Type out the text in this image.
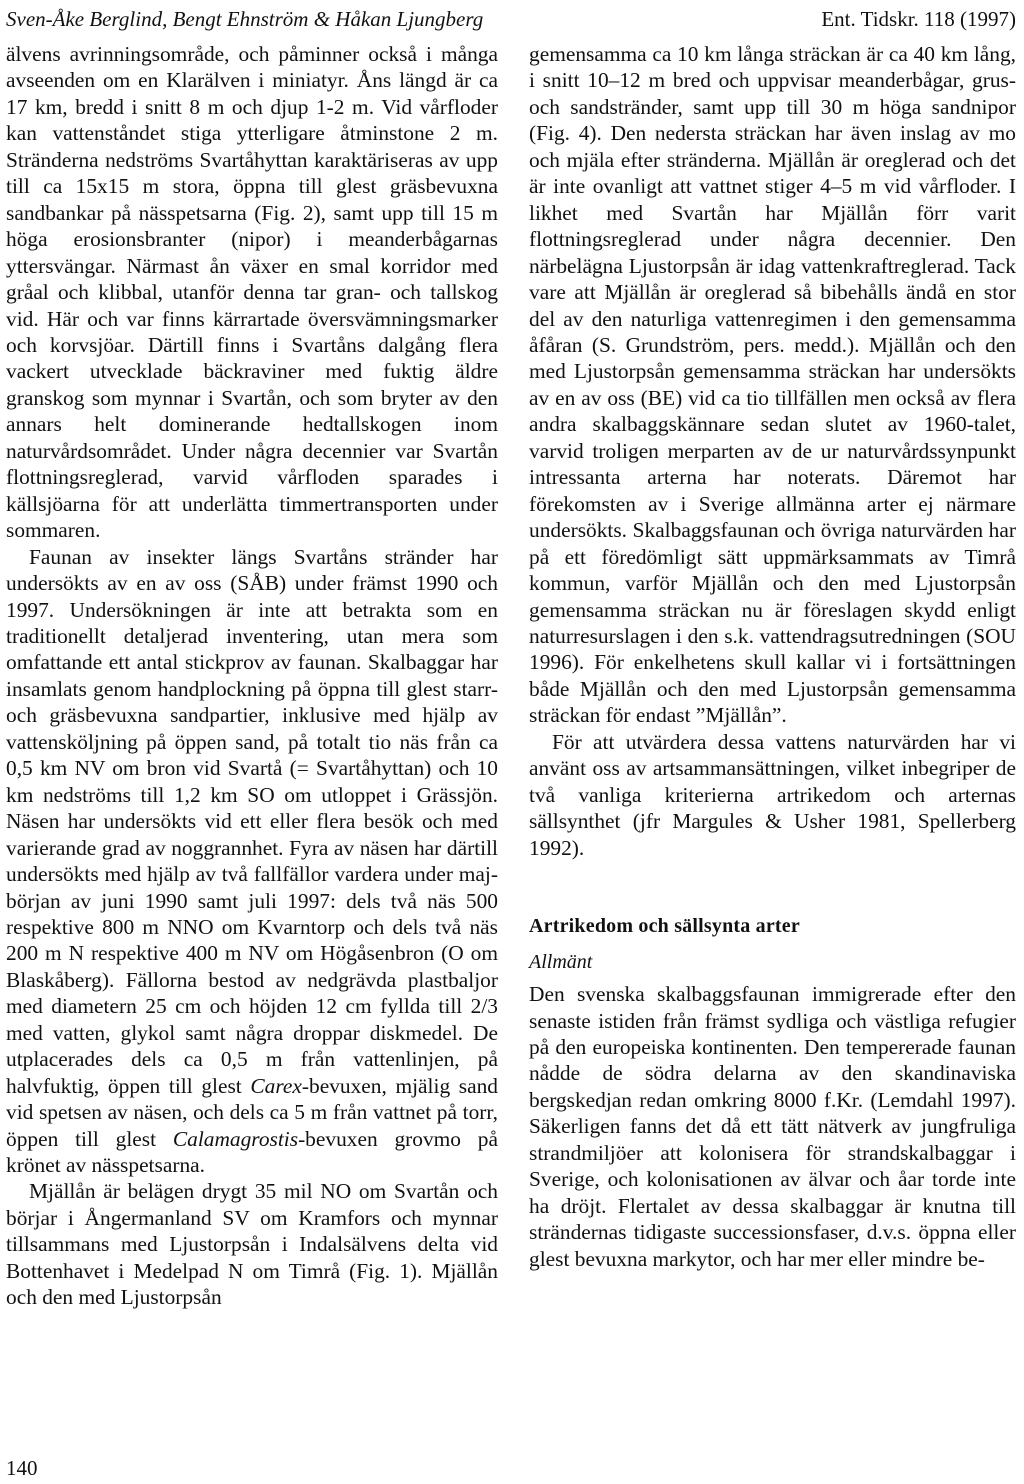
Sven-Åke Berglind, Bengt Ehnström & Håkan Ljungberg	Ent. Tidskr. 118 (1997)

älvens avrinningsområde, och påminner också i många avseenden om en Klarälven i miniatyr. Åns längd är ca 17 km, bredd i snitt 8 m och djup 1-2 m. Vid vårfloder kan vattenståndet stiga ytterligare åtminstone 2 m. Stränderna nedströms Svartåhyttan karaktäriseras av upp till ca 15x15 m stora, öppna till glest gräsbevuxna sandbankar på nässpetsarna (Fig. 2), samt upp till 15 m höga erosionsbranter (nipor) i meanderbågarnas yttersvängar. Närmast ån växer en smal korridor med gråal och klibbal, utanför denna tar gran- och tallskog vid. Här och var finns kärrartade översvämningsmarker och korvsjöar. Därtill finns i Svartåns dalgång flera vackert utvecklade bäckraviner med fuktig äldre granskog som mynnar i Svartån, och som bryter av den annars helt dominerande hedtallskogen inom naturvårdsområdet. Under några decennier var Svartån flottningsreglerad, varvid vårfloden sparades i källsjöarna för att underlätta timmertransporten under sommaren.

Faunan av insekter längs Svartåns stränder har undersökts av en av oss (SÅB) under främst 1990 och 1997. Undersökningen är inte att betrakta som en traditionellt detaljerad inventering, utan mera som omfattande ett antal stickprov av faunan. Skalbaggar har insamlats genom handplockning på öppna till glest starr- och gräsbevuxna sandpartier, inklusive med hjälp av vattensköljning på öppen sand, på totalt tio näs från ca 0,5 km NV om bron vid Svartå (= Svartåhyttan) och 10 km nedströms till 1,2 km SO om utloppet i Grässjön. Näsen har undersökts vid ett eller flera besök och med varierande grad av noggrannhet. Fyra av näsen har därtill undersökts med hjälp av två fallfällor vardera under maj-början av juni 1990 samt juli 1997: dels två näs 500 respektive 800 m NNO om Kvarntorp och dels två näs 200 m N respektive 400 m NV om Högåsenbron (O om Blaskåberg). Fällorna bestod av nedgrävda plastbaljor med diametern 25 cm och höjden 12 cm fyllda till 2/3 med vatten, glykol samt några droppar diskmedel. De utplacerades dels ca 0,5 m från vattenlinjen, på halvfuktig, öppen till glest Carex-bevuxen, mjälig sand vid spetsen av näsen, och dels ca 5 m från vattnet på torr, öppen till glest Calamagrostis-bevuxen grovmo på krönet av nässpetsarna.

Mjällån är belägen drygt 35 mil NO om Svartån och börjar i Ångermanland SV om Kramfors och mynnar tillsammans med Ljustorpsån i Indalsälvens delta vid Bottenhavet i Medelpad N om Timrå (Fig. 1). Mjällån och den med Ljustorpsån

gemensamma ca 10 km långa sträckan är ca 40 km lång, i snitt 10–12 m bred och uppvisar meanderbågar, grus- och sandstränder, samt upp till 30 m höga sandnipor (Fig. 4). Den nedersta sträckan har även inslag av mo och mjäla efter stränderna. Mjällån är oreglerad och det är inte ovanligt att vattnet stiger 4–5 m vid vårfloder. I likhet med Svartån har Mjällån förr varit flottningsreglerad under några decennier. Den närbelägna Ljustorpsån är idag vattenkraftreglerad. Tack vare att Mjällån är oreglerad så bibehålls ändå en stor del av den naturliga vattenregimen i den gemensamma åfåran (S. Grundström, pers. medd.). Mjällån och den med Ljustorpsån gemensamma sträckan har undersökts av en av oss (BE) vid ca tio tillfällen men också av flera andra skalbaggskännare sedan slutet av 1960-talet, varvid troligen merparten av de ur naturvårdssynpunkt intressanta arterna har noterats. Däremot har förekomsten av i Sverige allmänna arter ej närmare undersökts. Skalbaggsfaunan och övriga naturvärden har på ett föredömligt sätt uppmärksammats av Timrå kommun, varför Mjällån och den med Ljustorpsån gemensamma sträckan nu är föreslagen skydd enligt naturresurslagen i den s.k. vattendragsutredningen (SOU 1996). För enkelhetens skull kallar vi i fortsättningen både Mjällån och den med Ljustorpsån gemensamma sträckan för endast ”Mjällån”.

För att utvärdera dessa vattens naturvärden har vi använt oss av artsammansättningen, vilket inbegriper de två vanliga kriterierna artrikedom och arternas sällsynthet (jfr Margules & Usher 1981, Spellerberg 1992).

Artrikedom och sällsynta arter
Allmänt

Den svenska skalbaggsfaunan immigrerade efter den senaste istiden från främst sydliga och västliga refugier på den europeiska kontinenten. Den tempererade faunan nådde de södra delarna av den skandinaviska bergskedjan redan omkring 8000 f.Kr. (Lemdahl 1997). Säkerligen fanns det då ett tätt nätverk av jungfruliga strandmiljöer att kolonisera för strandskalbaggar i Sverige, och kolonisationen av älvar och åar torde inte ha dröjt. Flertalet av dessa skalbaggar är knutna till strändernas tidigaste successionsfaser, d.v.s. öppna eller glest bevuxna markytor, och har mer eller mindre be-

140
